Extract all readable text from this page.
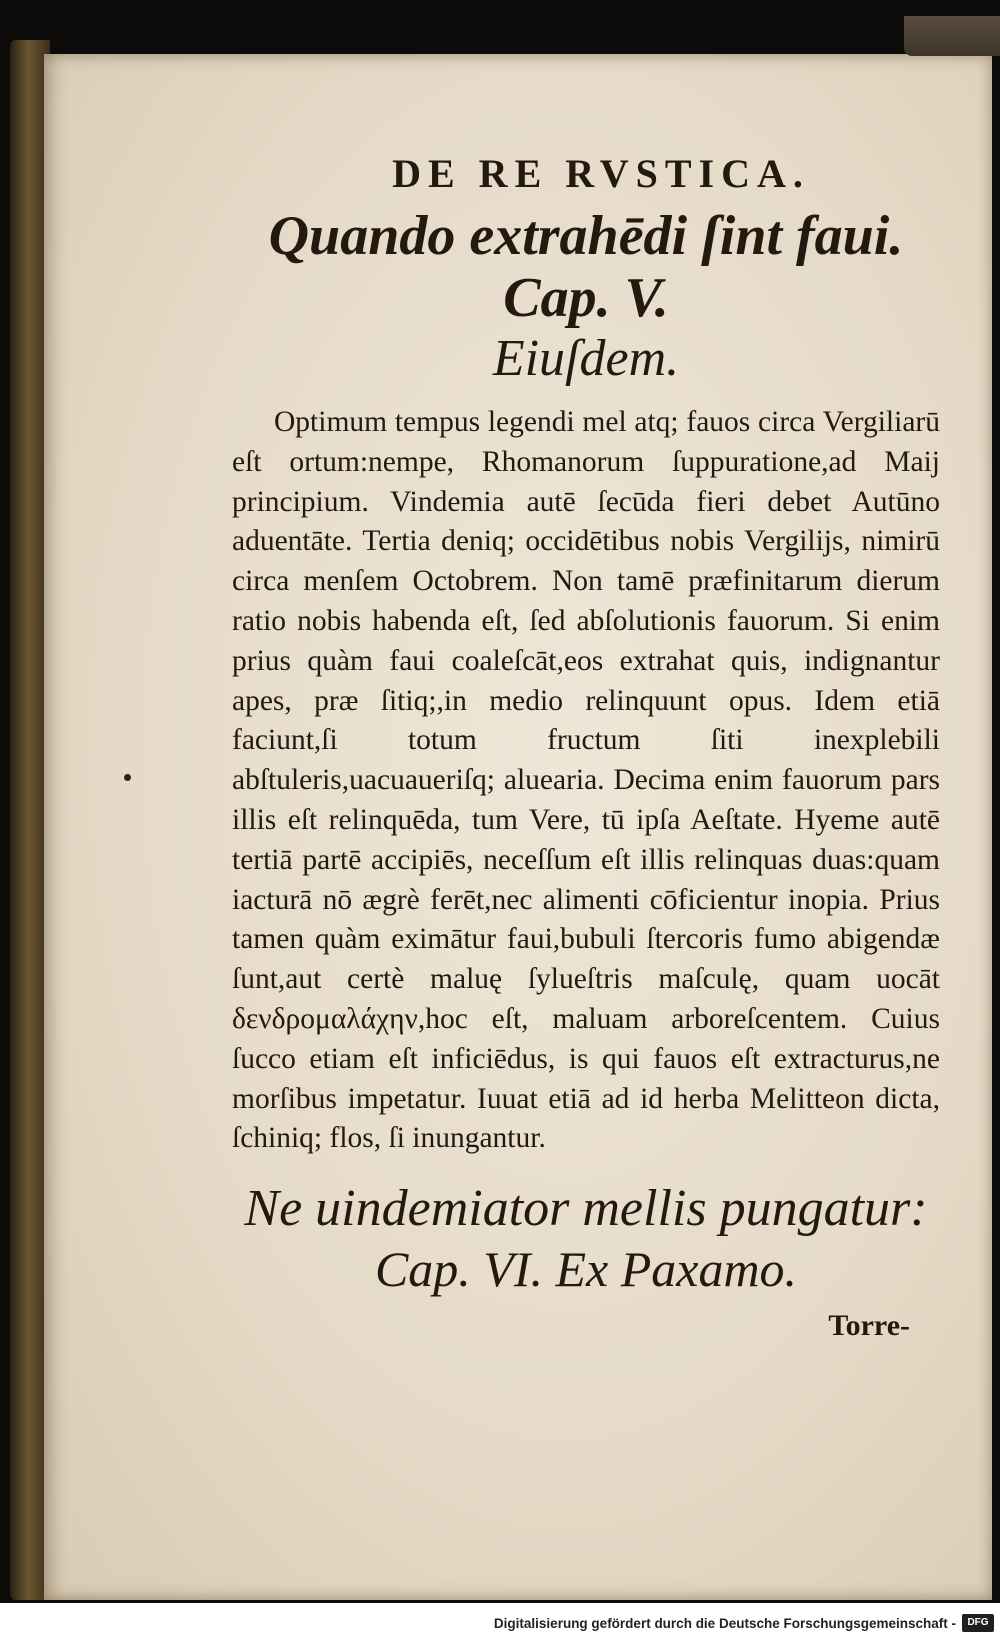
DE RE RVSTICA.
Quando extrahēdi ſint faui. Cap. V.
Eiuſdem.

Optimum tempus legendi mel atq; fauos circa Vergiliarū eſt ortum:nempe, Rhomanorum ſuppuratione,ad Maij principium. Vindemia autē ſecūda fieri debet Autūno aduentāte. Tertia deniq; occidētibus nobis Vergilijs, nimirū circa menſem Octobrem. Non tamē præfinitarum dierum ratio nobis habenda eſt, ſed abſolutionis fauorum. Si enim prius quàm faui coaleſcāt,eos extrahat quis, indignantur apes, præ ſitiq;,in medio relinquunt opus. Idem etiā faciunt,ſi totum fructum ſiti inexplebili abſtuleris,uacuaueriſq; aluearia. Decima enim fauorum pars illis eſt relinquēda, tum Vere, tū ipſa Aeſtate. Hyeme autē tertiā partē accipiēs, neceſſum eſt illis relinquas duas:quam iacturā nō ægrè ferēt,nec alimenti cōficientur inopia. Prius tamen quàm eximātur faui,bubuli ſtercoris fumo abigendæ ſunt,aut certè maluę ſylueſtris maſculę, quam uocāt δενδρομαλάχην,hoc eſt, maluam arboreſcentem. Cuius ſucco etiam eſt inficiēdus, is qui fauos eſt extracturus,ne morſibus impetatur. Iuuat etiā ad id herba Melitteon dicta, ſchiniq; flos, ſi inungantur.

Ne uindemiator mellis pungatur:
Cap. VI. Ex Paxamo.
Torre-
Digitalisierung gefördert durch die Deutsche Forschungsgemeinschaft -	DFG
